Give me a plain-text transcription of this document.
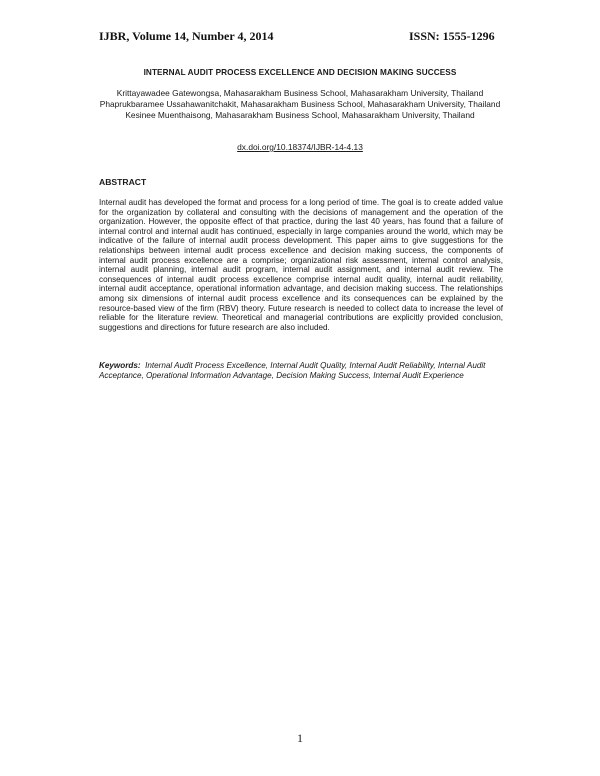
IJBR, Volume 14, Number 4, 2014	ISSN: 1555-1296
INTERNAL AUDIT PROCESS EXCELLENCE AND DECISION MAKING SUCCESS
Krittayawadee Gatewongsa, Mahasarakham Business School, Mahasarakham University, Thailand
Phaprukbaramee Ussahawanitchakit, Mahasarakham Business School, Mahasarakham University, Thailand
Kesinee Muenthaisong, Mahasarakham Business School, Mahasarakham University, Thailand
dx.doi.org/10.18374/IJBR-14-4.13
ABSTRACT

Internal audit has developed the format and process for a long period of time. The goal is to create added value for the organization by collateral and consulting with the decisions of management and the operation of the organization. However, the opposite effect of that practice, during the last 40 years, has found that a failure of internal control and internal audit has continued, especially in large companies around the world, which may be indicative of the failure of internal audit process development. This paper aims to give suggestions for the relationships between internal audit process excellence and decision making success, the components of internal audit process excellence are a comprise; organizational risk assessment, internal control analysis, internal audit planning, internal audit program, internal audit assignment, and internal audit review. The consequences of internal audit process excellence comprise internal audit quality, internal audit reliability, internal audit acceptance, operational information advantage, and decision making success. The relationships among six dimensions of internal audit process excellence and its consequences can be explained by the resource-based view of the firm (RBV) theory. Future research is needed to collect data to increase the level of reliable for the literature review. Theoretical and managerial contributions are explicitly provided conclusion, suggestions and directions for future research are also included.

Keywords: Internal Audit Process Excellence, Internal Audit Quality, Internal Audit Reliability, Internal Audit Acceptance, Operational Information Advantage, Decision Making Success, Internal Audit Experience

1
